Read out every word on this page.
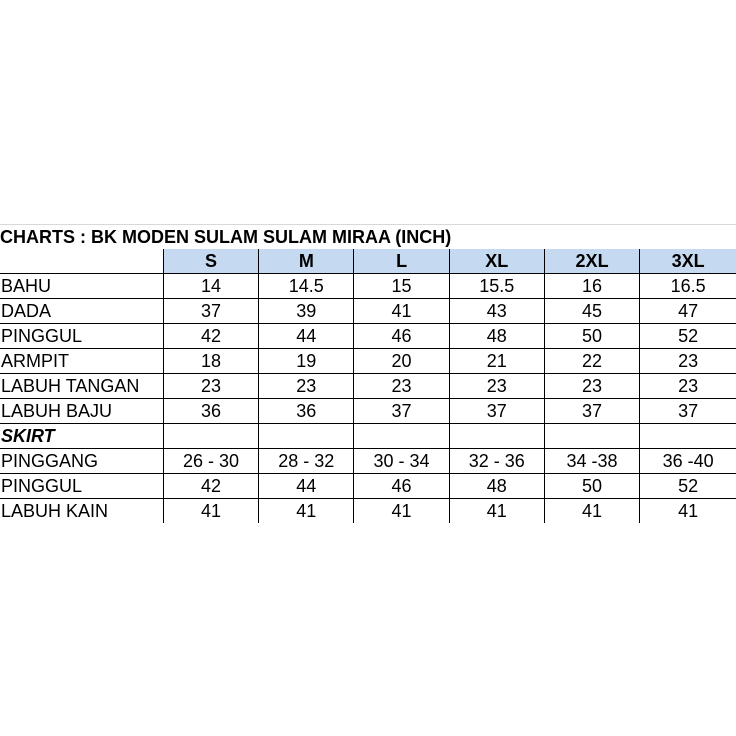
CHARTS : BK MODEN SULAM SULAM MIRAA (INCH)						
	S	M	L	XL	2XL	3XL
BAHU	14	14.5	15	15.5	16	16.5
DADA	37	39	41	43	45	47
PINGGUL	42	44	46	48	50	52
ARMPIT	18	19	20	21	22	23
LABUH TANGAN	23	23	23	23	23	23
LABUH BAJU	36	36	37	37	37	37
SKIRT						
PINGGANG	26 - 30	28 - 32	30 - 34	32 - 36	34 -38	36 -40
PINGGUL	42	44	46	48	50	52
LABUH KAIN	41	41	41	41	41	41
